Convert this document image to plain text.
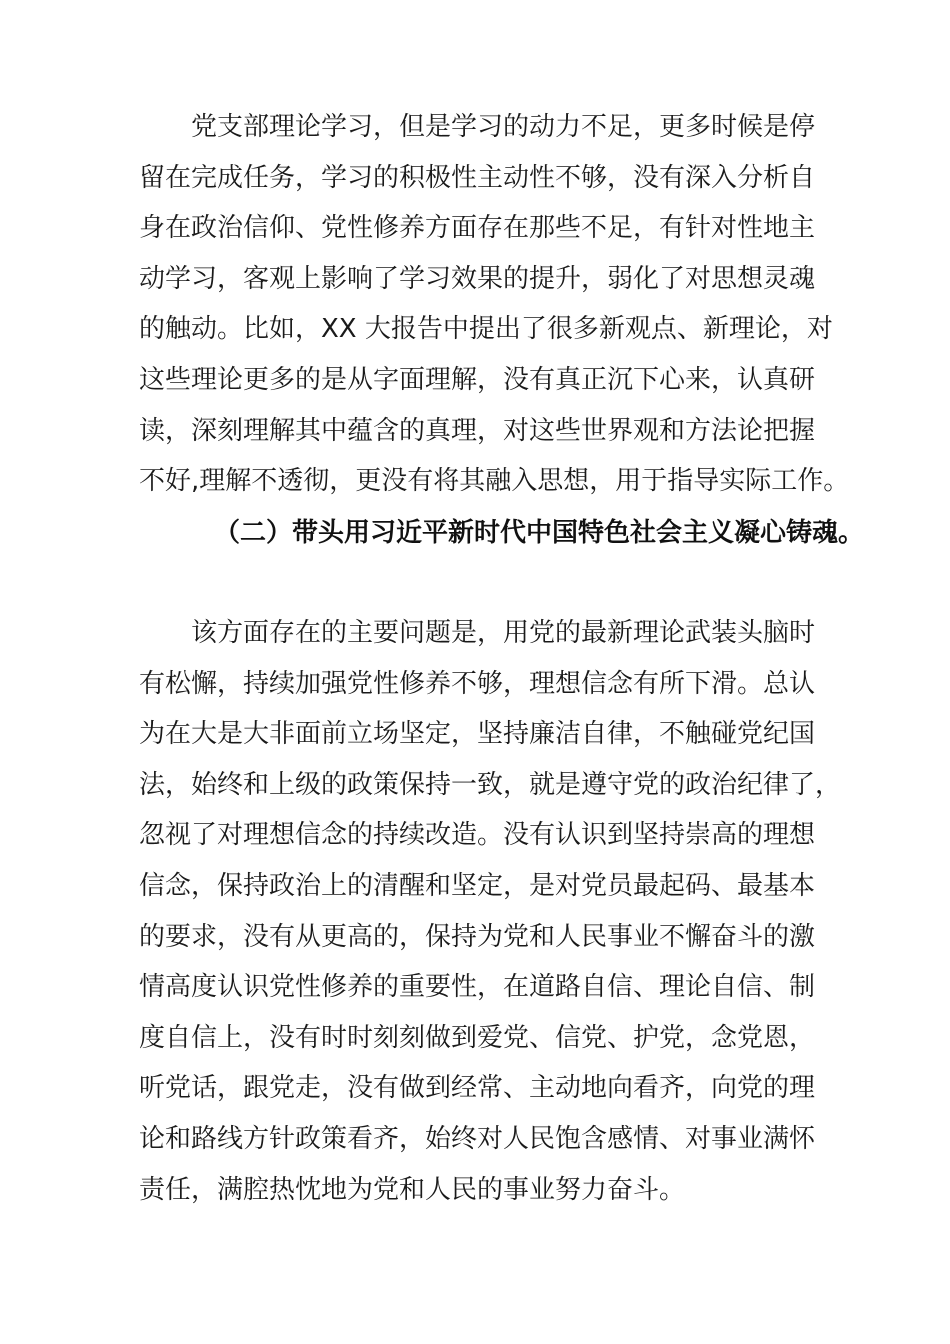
　　党支部理论学习，但是学习的动力不足，更多时候是停
留在完成任务，学习的积极性主动性不够，没有深入分析自
身在政治信仰、党性修养方面存在那些不足，有针对性地主
动学习，客观上影响了学习效果的提升，弱化了对思想灵魂
的触动。比如，XX 大报告中提出了很多新观点、新理论，对
这些理论更多的是从字面理解，没有真正沉下心来，认真研
读，深刻理解其中蕴含的真理，对这些世界观和方法论把握
不好,理解不透彻，更没有将其融入思想，用于指导实际工作。
（二）带头用习近平新时代中国特色社会主义凝心铸魂。
　　该方面存在的主要问题是，用党的最新理论武装头脑时
有松懈，持续加强党性修养不够，理想信念有所下滑。总认
为在大是大非面前立场坚定，坚持廉洁自律，不触碰党纪国
法，始终和上级的政策保持一致，就是遵守党的政治纪律了，
忽视了对理想信念的持续改造。没有认识到坚持崇高的理想
信念，保持政治上的清醒和坚定，是对党员最起码、最基本
的要求，没有从更高的，保持为党和人民事业不懈奋斗的激
情高度认识党性修养的重要性，在道路自信、理论自信、制
度自信上，没有时时刻刻做到爱党、信党、护党，念党恩，
听党话，跟党走，没有做到经常、主动地向看齐，向党的理
论和路线方针政策看齐，始终对人民饱含感情、对事业满怀
责任，满腔热忱地为党和人民的事业努力奋斗。
